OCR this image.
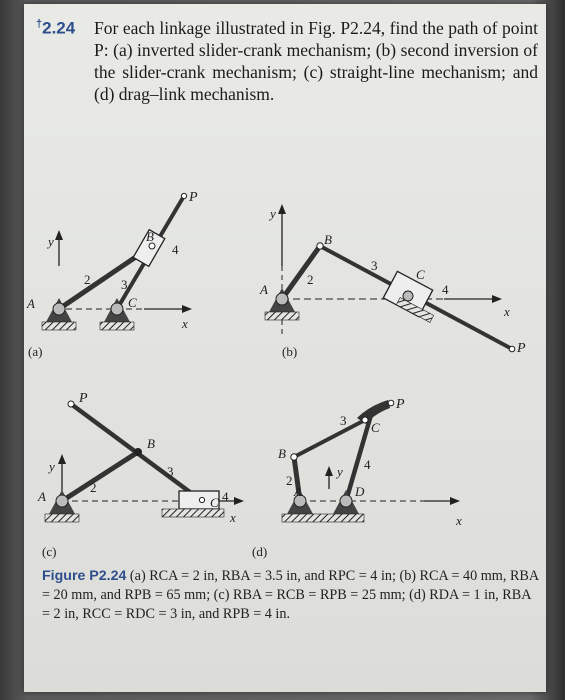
†2.24 For each linkage illustrated in Fig. P2.24, find the path of point P: (a) inverted slider-crank mechanism; (b) second inversion of the slider-crank mechanism; (c) straight-line mechanism; and (d) drag–link mechanism.
y
x
P
B
4
2 3
C
A
(a)
y
x
B
2
3
C
4
A
P
(b)
y
x
P
B
3
2
A	C 4
(c)
y
x
P
3 C
B
4
2
A	D
(d)
Figure P2.24 (a) RCA = 2 in, RBA = 3.5 in, and RPC = 4 in; (b) RCA = 40 mm, RBA = 20 mm, and RPB = 65 mm; (c) RBA = RCB = RPB = 25 mm; (d) RDA = 1 in, RBA = 2 in, RCC = RDC = 3 in, and RPB = 4 in.
